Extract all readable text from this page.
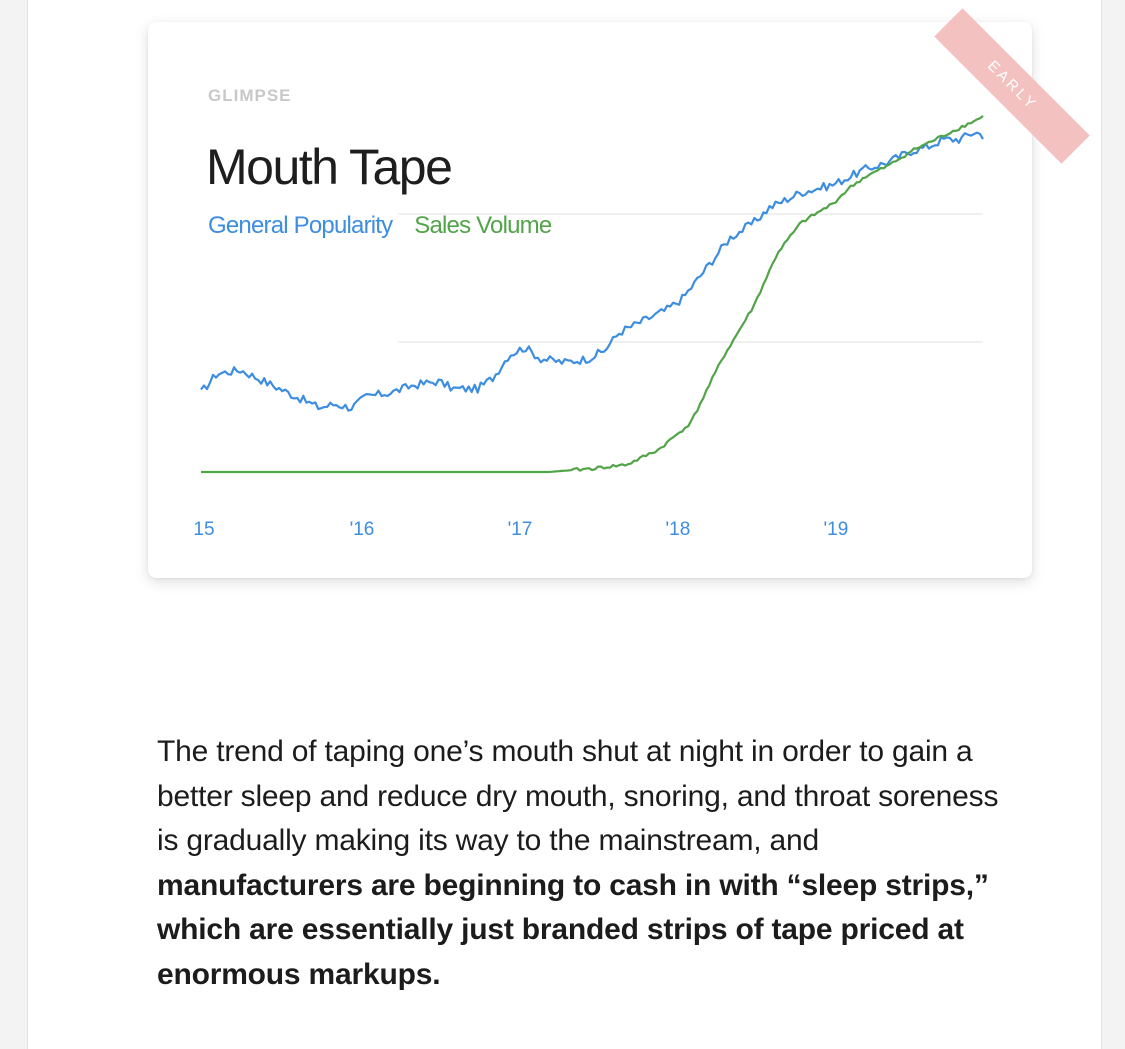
GLIMPSE
Mouth Tape
General Popularity Sales Volume
15	'16	'17	'18	'19
EARLY
The trend of taping one’s mouth shut at night in order to gain a better sleep and reduce dry mouth, snoring, and throat soreness is gradually making its way to the mainstream, and manufacturers are beginning to cash in with “sleep strips,” which are essentially just branded strips of tape priced at enormous markups.
